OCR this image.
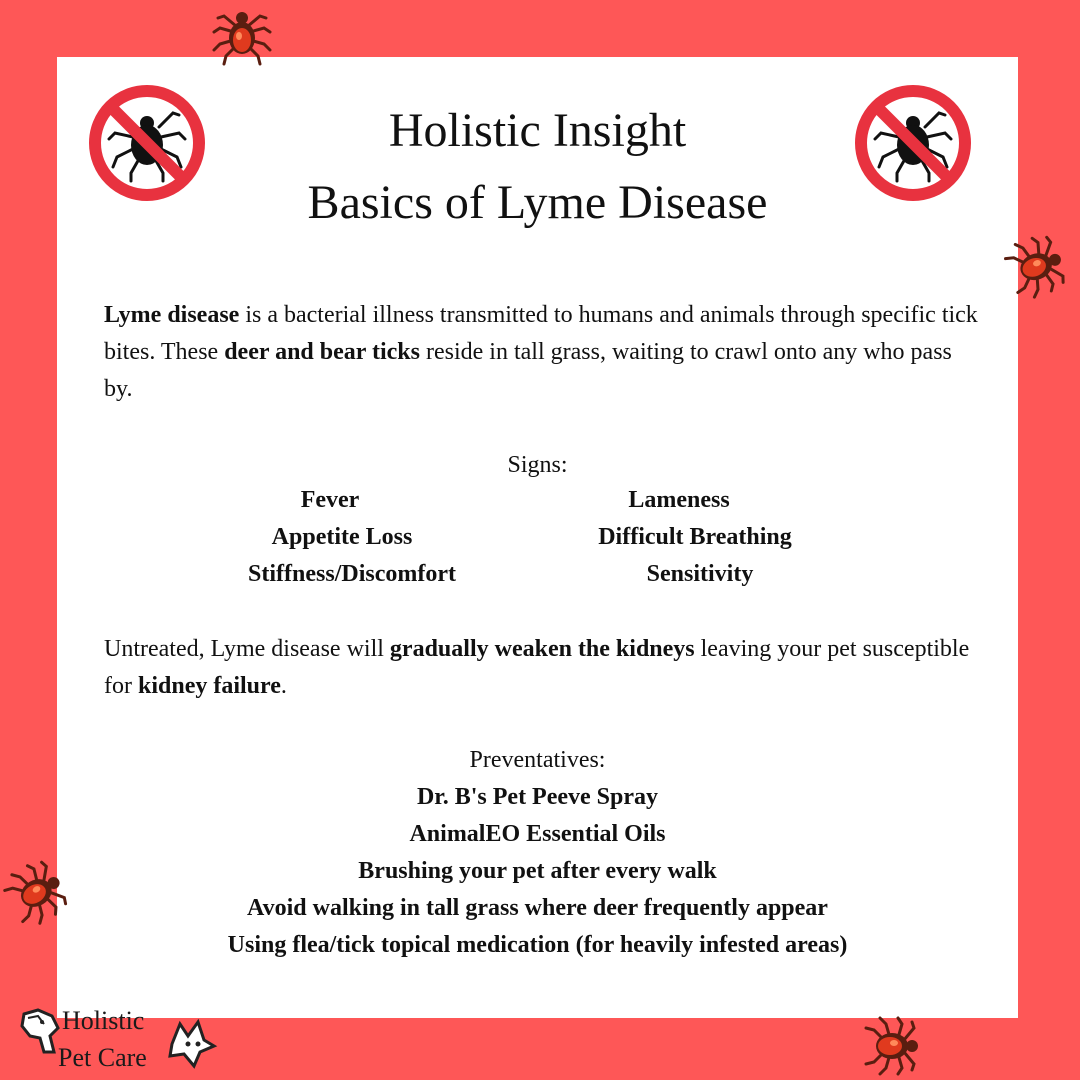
Holistic Insight
Basics of Lyme Disease
Lyme disease is a bacterial illness transmitted to humans and animals through specific tick bites. These deer and bear ticks reside in tall grass, waiting to crawl onto any who pass by.
Signs:
Fever
Appetite Loss
Stiffness/Discomfort
Lameness
Difficult Breathing
Sensitivity
Untreated, Lyme disease will gradually weaken the kidneys leaving your pet susceptible for kidney failure.
Preventatives:
Dr. B's Pet Peeve Spray
AnimalEO Essential Oils
Brushing your pet after every walk
Avoid walking in tall grass where deer frequently appear
Using flea/tick topical medication (for heavily infested areas)
Holistic
Pet Care
